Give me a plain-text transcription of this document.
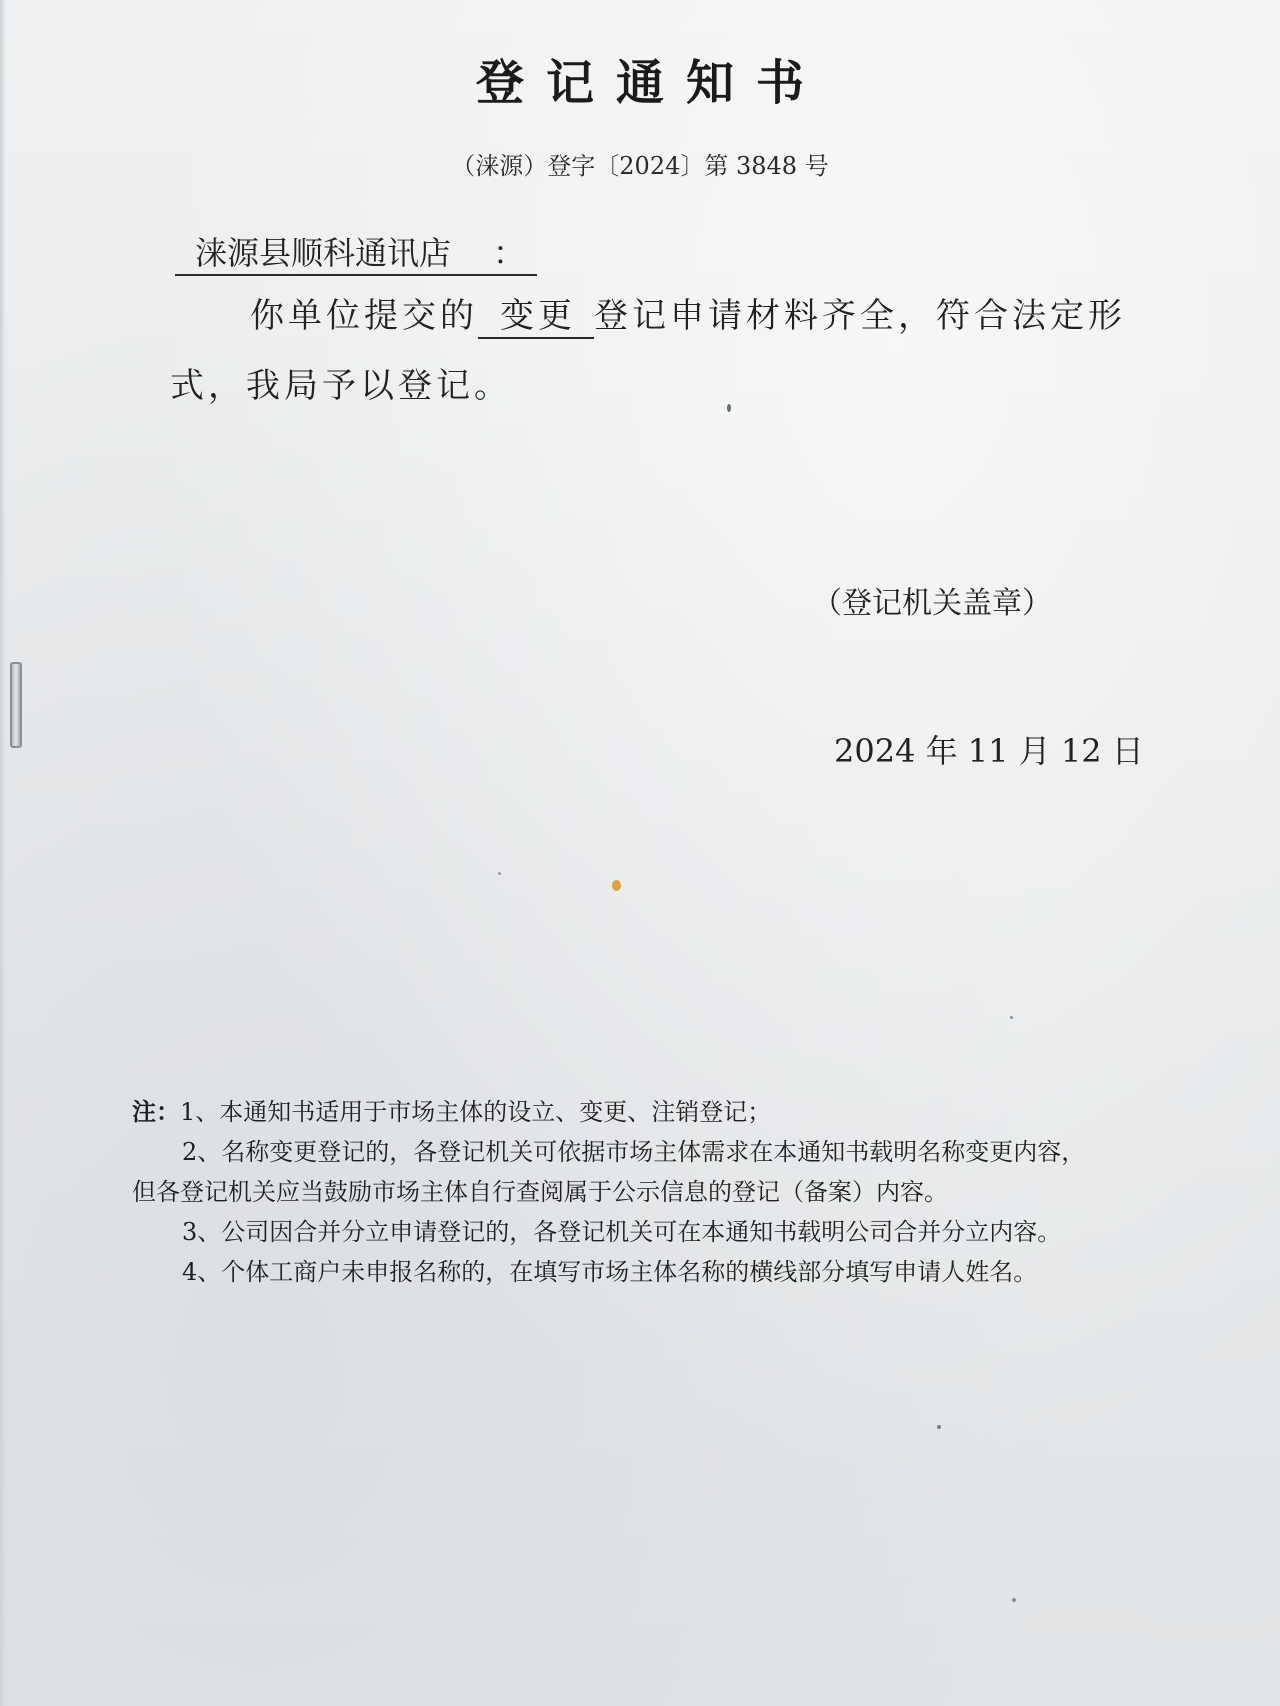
登记通知书
（涞源）登字〔2024〕第 3848 号
涞源县顺科通讯店 ：
你单位提交的 变更 登记申请材料齐全，符合法定形
式，我局予以登记。
（登记机关盖章）
2024 年 11 月 12 日
注：1、本通知书适用于市场主体的设立、变更、注销登记；
2、名称变更登记的，各登记机关可依据市场主体需求在本通知书载明名称变更内容，
但各登记机关应当鼓励市场主体自行查阅属于公示信息的登记（备案）内容。
3、公司因合并分立申请登记的，各登记机关可在本通知书载明公司合并分立内容。
4、个体工商户未申报名称的，在填写市场主体名称的横线部分填写申请人姓名。
